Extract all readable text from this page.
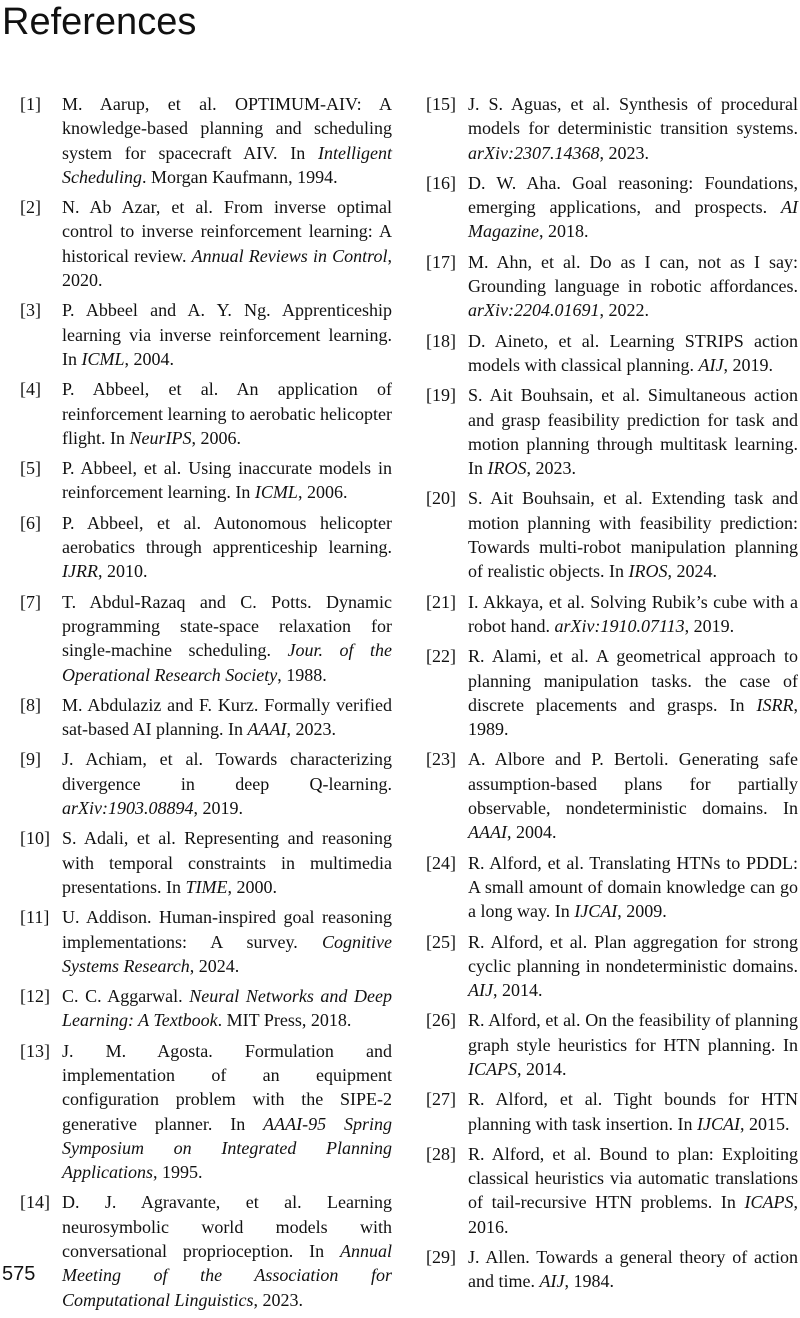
References
[1]	M. Aarup, et al. OPTIMUM-AIV: A knowledge-based planning and scheduling system for spacecraft AIV. In Intelligent Scheduling. Morgan Kaufmann, 1994.
[2]	N. Ab Azar, et al. From inverse optimal control to inverse reinforcement learning: A historical review. Annual Reviews in Control, 2020.
[3]	P. Abbeel and A. Y. Ng. Apprenticeship learning via inverse reinforcement learning. In ICML, 2004.
[4]	P. Abbeel, et al. An application of reinforcement learning to aerobatic helicopter flight. In NeurIPS, 2006.
[5]	P. Abbeel, et al. Using inaccurate models in reinforcement learning. In ICML, 2006.
[6]	P. Abbeel, et al. Autonomous helicopter aerobatics through apprenticeship learning. IJRR, 2010.
[7]	T. Abdul-Razaq and C. Potts. Dynamic programming state-space relaxation for single-machine scheduling. Jour. of the Operational Research Society, 1988.
[8]	M. Abdulaziz and F. Kurz. Formally verified sat-based AI planning. In AAAI, 2023.
[9]	J. Achiam, et al. Towards characterizing divergence in deep Q-learning. arXiv:1903.08894, 2019.
[10] S. Adali, et al. Representing and reasoning with temporal constraints in multimedia presentations. In TIME, 2000.
[11] U. Addison. Human-inspired goal reasoning implementations: A survey. Cognitive Systems Research, 2024.
[12] C. C. Aggarwal. Neural Networks and Deep Learning: A Textbook. MIT Press, 2018.
[13] J. M. Agosta. Formulation and implementation of an equipment configuration problem with the SIPE-2 generative planner. In AAAI-95 Spring Symposium on Integrated Planning Applications, 1995.
[14] D. J. Agravante, et al. Learning neurosymbolic world models with conversational proprioception. In Annual Meeting of the Association for Computational Linguistics, 2023.
[15] J. S. Aguas, et al. Synthesis of procedural models for deterministic transition systems. arXiv:2307.14368, 2023.
[16] D. W. Aha. Goal reasoning: Foundations, emerging applications, and prospects. AI Magazine, 2018.
[17] M. Ahn, et al. Do as I can, not as I say: Grounding language in robotic affordances. arXiv:2204.01691, 2022.
[18] D. Aineto, et al. Learning STRIPS action models with classical planning. AIJ, 2019.
[19] S. Ait Bouhsain, et al. Simultaneous action and grasp feasibility prediction for task and motion planning through multitask learning. In IROS, 2023.
[20] S. Ait Bouhsain, et al. Extending task and motion planning with feasibility prediction: Towards multi-robot manipulation planning of realistic objects. In IROS, 2024.
[21] I. Akkaya, et al. Solving Rubik’s cube with a robot hand. arXiv:1910.07113, 2019.
[22] R. Alami, et al. A geometrical approach to planning manipulation tasks. the case of discrete placements and grasps. In ISRR, 1989.
[23] A. Albore and P. Bertoli. Generating safe assumption-based plans for partially observable, nondeterministic domains. In AAAI, 2004.
[24] R. Alford, et al. Translating HTNs to PDDL: A small amount of domain knowledge can go a long way. In IJCAI, 2009.
[25] R. Alford, et al. Plan aggregation for strong cyclic planning in nondeterministic domains. AIJ, 2014.
[26] R. Alford, et al. On the feasibility of planning graph style heuristics for HTN planning. In ICAPS, 2014.
[27] R. Alford, et al. Tight bounds for HTN planning with task insertion. In IJCAI, 2015.
[28] R. Alford, et al. Bound to plan: Exploiting classical heuristics via automatic translations of tail-recursive HTN problems. In ICAPS, 2016.
[29] J. Allen. Towards a general theory of action and time. AIJ, 1984.
575
